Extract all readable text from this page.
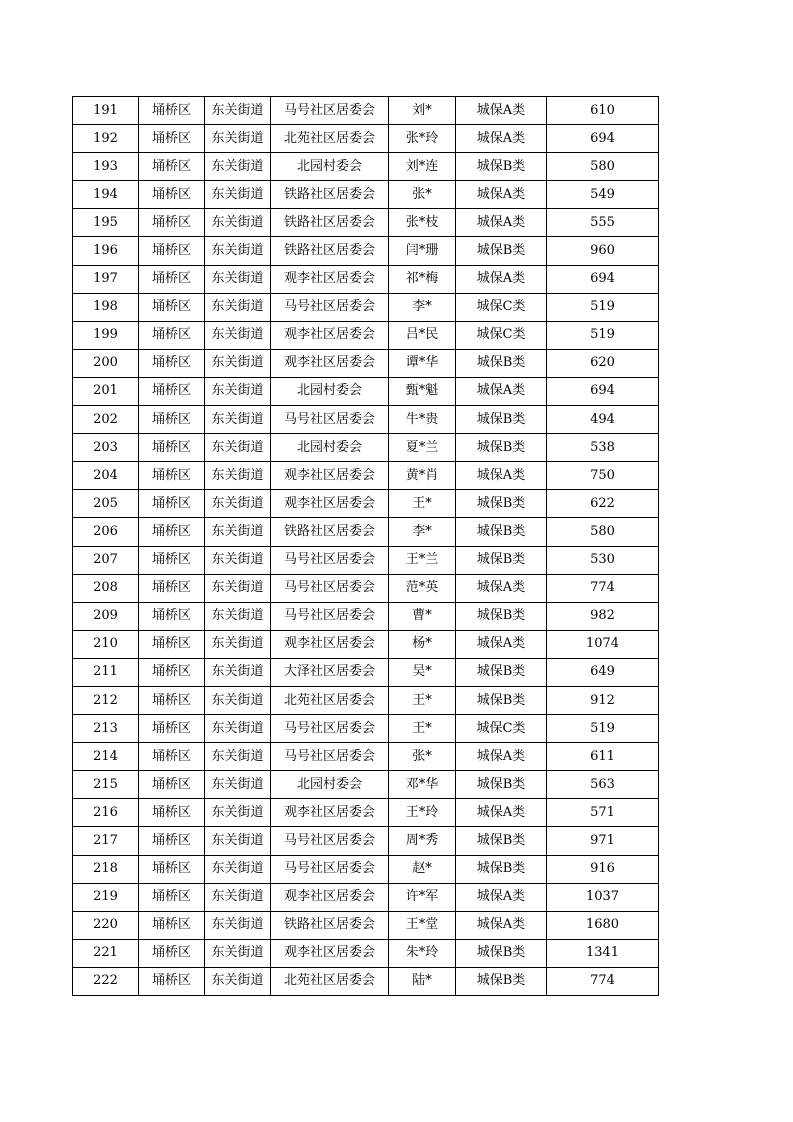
191	埇桥区	东关街道	马号社区居委会	刘*	城保A类	610
192	埇桥区	东关街道	北苑社区居委会	张*玲	城保A类	694
193	埇桥区	东关街道	北园村委会	刘*连	城保B类	580
194	埇桥区	东关街道	铁路社区居委会	张*	城保A类	549
195	埇桥区	东关街道	铁路社区居委会	张*枝	城保A类	555
196	埇桥区	东关街道	铁路社区居委会	闫*珊	城保B类	960
197	埇桥区	东关街道	观李社区居委会	祁*梅	城保A类	694
198	埇桥区	东关街道	马号社区居委会	李*	城保C类	519
199	埇桥区	东关街道	观李社区居委会	吕*民	城保C类	519
200	埇桥区	东关街道	观李社区居委会	谭*华	城保B类	620
201	埇桥区	东关街道	北园村委会	甄*魁	城保A类	694
202	埇桥区	东关街道	马号社区居委会	牛*贵	城保B类	494
203	埇桥区	东关街道	北园村委会	夏*兰	城保B类	538
204	埇桥区	东关街道	观李社区居委会	黄*肖	城保A类	750
205	埇桥区	东关街道	观李社区居委会	王*	城保B类	622
206	埇桥区	东关街道	铁路社区居委会	李*	城保B类	580
207	埇桥区	东关街道	马号社区居委会	王*兰	城保B类	530
208	埇桥区	东关街道	马号社区居委会	范*英	城保A类	774
209	埇桥区	东关街道	马号社区居委会	曹*	城保B类	982
210	埇桥区	东关街道	观李社区居委会	杨*	城保A类	1074
211	埇桥区	东关街道	大泽社区居委会	吴*	城保B类	649
212	埇桥区	东关街道	北苑社区居委会	王*	城保B类	912
213	埇桥区	东关街道	马号社区居委会	王*	城保C类	519
214	埇桥区	东关街道	马号社区居委会	张*	城保A类	611
215	埇桥区	东关街道	北园村委会	邓*华	城保B类	563
216	埇桥区	东关街道	观李社区居委会	王*玲	城保A类	571
217	埇桥区	东关街道	马号社区居委会	周*秀	城保B类	971
218	埇桥区	东关街道	马号社区居委会	赵*	城保B类	916
219	埇桥区	东关街道	观李社区居委会	许*军	城保A类	1037
220	埇桥区	东关街道	铁路社区居委会	王*堂	城保A类	1680
221	埇桥区	东关街道	观李社区居委会	朱*玲	城保B类	1341
222	埇桥区	东关街道	北苑社区居委会	陆*	城保B类	774
